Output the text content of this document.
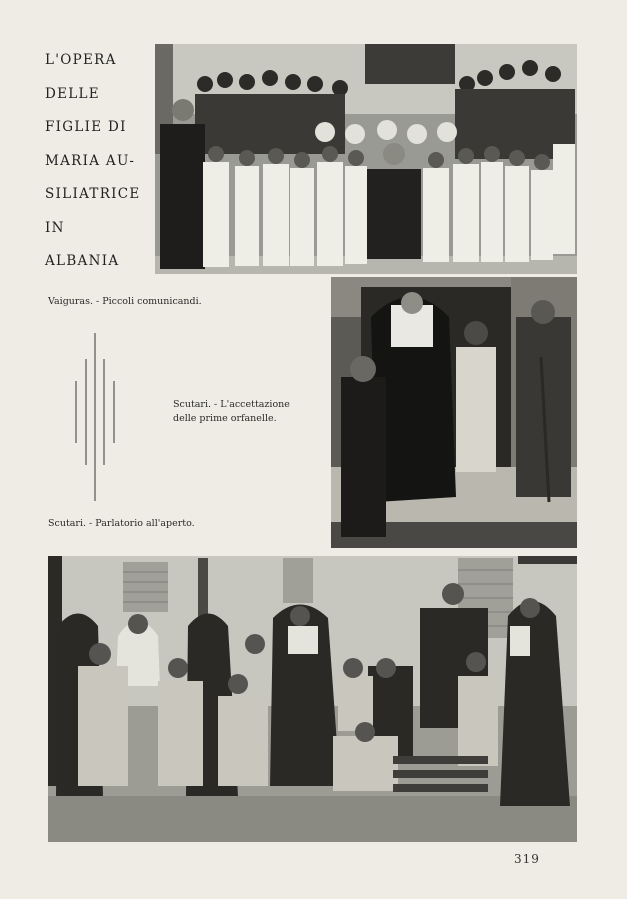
L'OPERA
DELLE
FIGLIE DI
MARIA AU-
SILIATRICE
IN
ALBANIA

Vaiguras. - Piccoli comunicandi.

Scutari. - L'accettazione
delle prime orfanelle.

Scutari. - Parlatorio all'aperto.

319
